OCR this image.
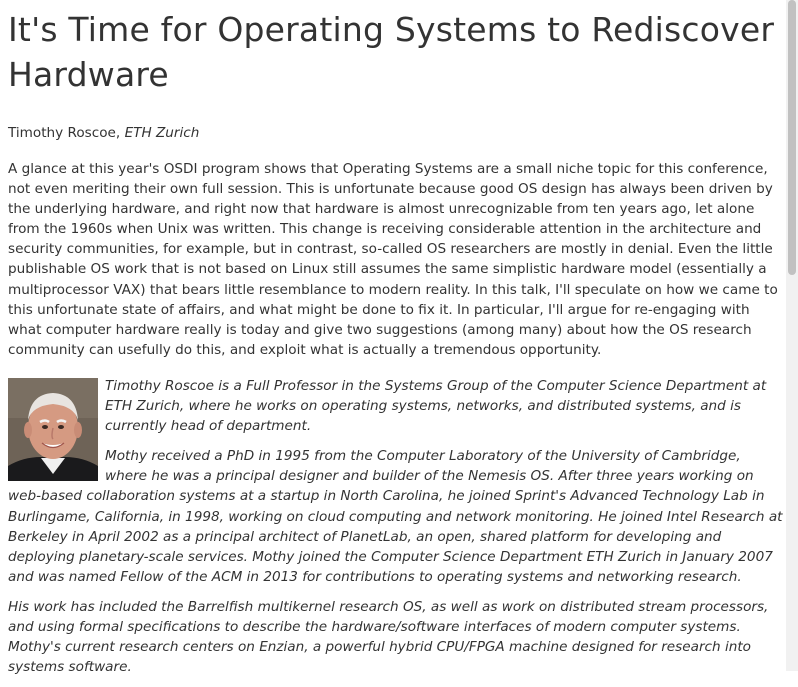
It's Time for Operating Systems to Rediscover Hardware

Timothy Roscoe, ETH Zurich

A glance at this year's OSDI program shows that Operating Systems are a small niche topic for this conference, not even meriting their own full session. This is unfortunate because good OS design has always been driven by the underlying hardware, and right now that hardware is almost unrecognizable from ten years ago, let alone from the 1960s when Unix was written. This change is receiving considerable attention in the architecture and security communities, for example, but in contrast, so-called OS researchers are mostly in denial. Even the little publishable OS work that is not based on Linux still assumes the same simplistic hardware model (essentially a multiprocessor VAX) that bears little resemblance to modern reality. In this talk, I'll speculate on how we came to this unfortunate state of affairs, and what might be done to fix it. In particular, I'll argue for re-engaging with what computer hardware really is today and give two suggestions (among many) about how the OS research community can usefully do this, and exploit what is actually a tremendous opportunity.

Timothy Roscoe is a Full Professor in the Systems Group of the Computer Science Department at ETH Zurich, where he works on operating systems, networks, and distributed systems, and is currently head of department.

Mothy received a PhD in 1995 from the Computer Laboratory of the University of Cambridge, where he was a principal designer and builder of the Nemesis OS. After three years working on web-based collaboration systems at a startup in North Carolina, he joined Sprint's Advanced Technology Lab in Burlingame, California, in 1998, working on cloud computing and network monitoring. He joined Intel Research at Berkeley in April 2002 as a principal architect of PlanetLab, an open, shared platform for developing and deploying planetary-scale services. Mothy joined the Computer Science Department ETH Zurich in January 2007 and was named Fellow of the ACM in 2013 for contributions to operating systems and networking research.

His work has included the Barrelfish multikernel research OS, as well as work on distributed stream processors, and using formal specifications to describe the hardware/software interfaces of modern computer systems. Mothy's current research centers on Enzian, a powerful hybrid CPU/FPGA machine designed for research into systems software.
